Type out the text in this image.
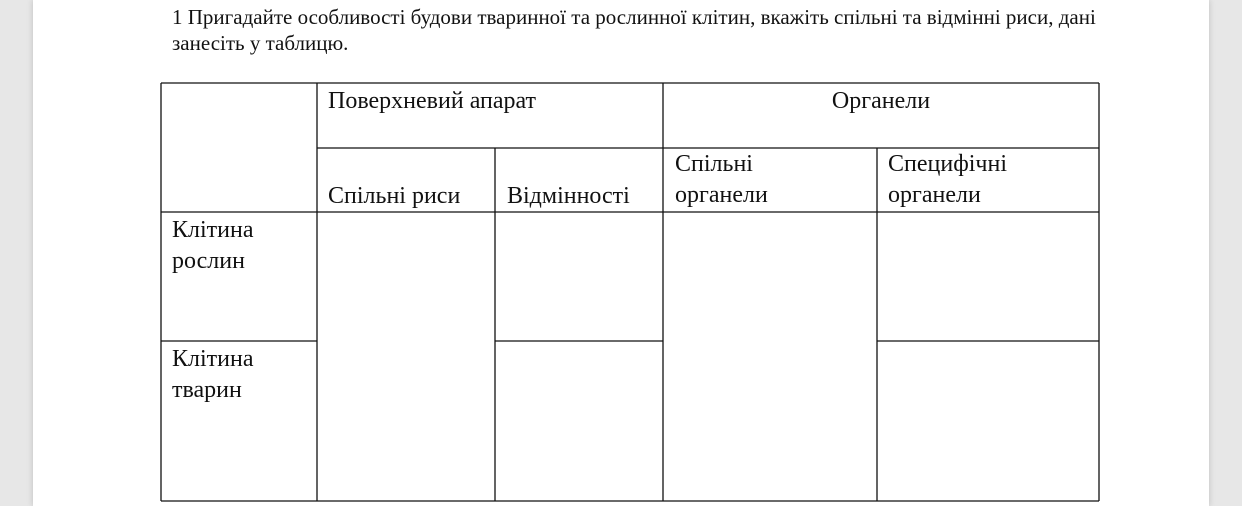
1 Пригадайте особливості будови тваринної та рослинної клітин, вкажіть спільні та відмінні риси, дані занесіть у таблицю.

Поверхневий апарат	Органели

Спільні риси Відмінності

Спільні
органели

Специфічні
органели

Клітина
рослин

Клітина
тварин
